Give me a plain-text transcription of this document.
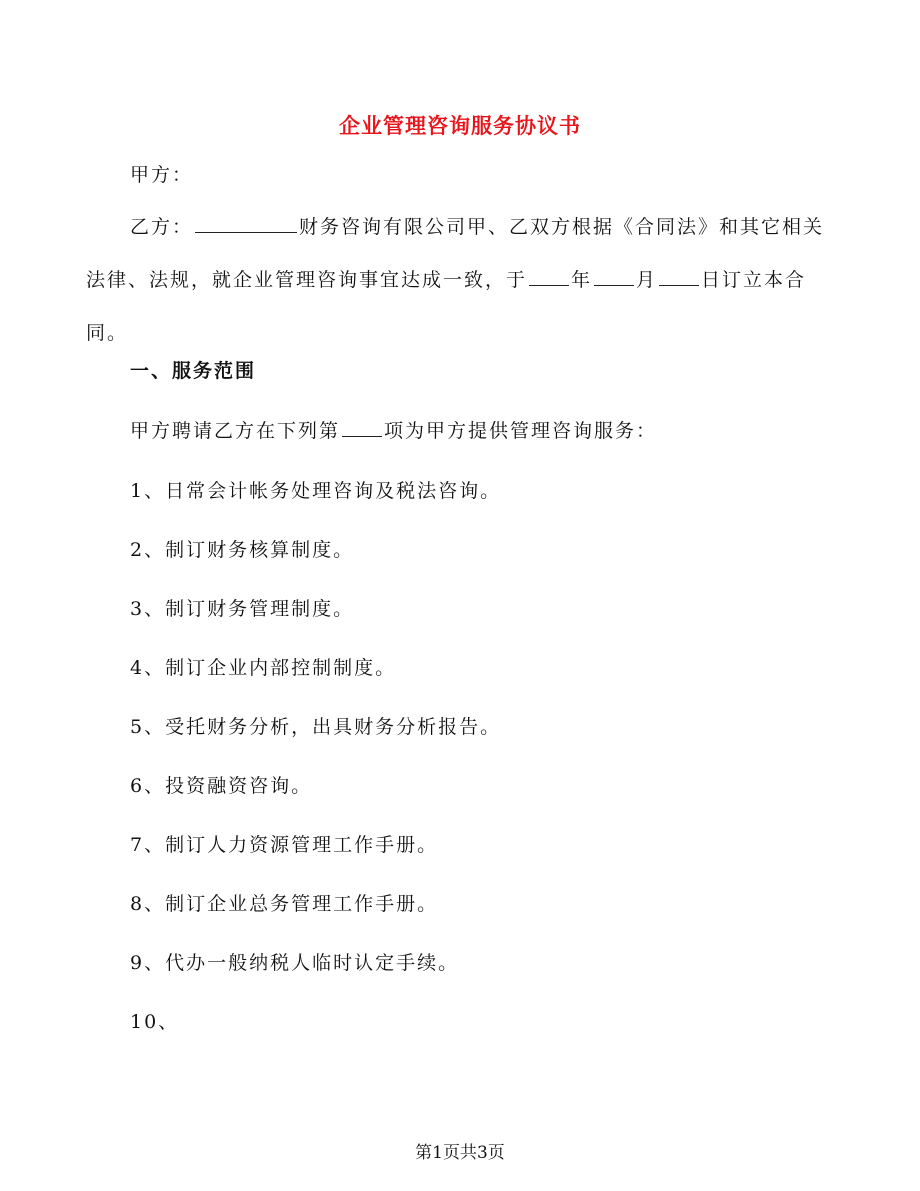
企业管理咨询服务协议书
甲方：
乙方：	财务咨询有限公司甲、乙双方根据《合同法》和其它相关法律、法规，就企业管理咨询事宜达成一致，于 年 月 日订立本合同。
一、服务范围
甲方聘请乙方在下列第 项为甲方提供管理咨询服务：
1、日常会计帐务处理咨询及税法咨询。
2、制订财务核算制度。
3、制订财务管理制度。
4、制订企业内部控制制度。
5、受托财务分析，出具财务分析报告。
6、投资融资咨询。
7、制订人力资源管理工作手册。
8、制订企业总务管理工作手册。
9、代办一般纳税人临时认定手续。
10、
第1页共3页
